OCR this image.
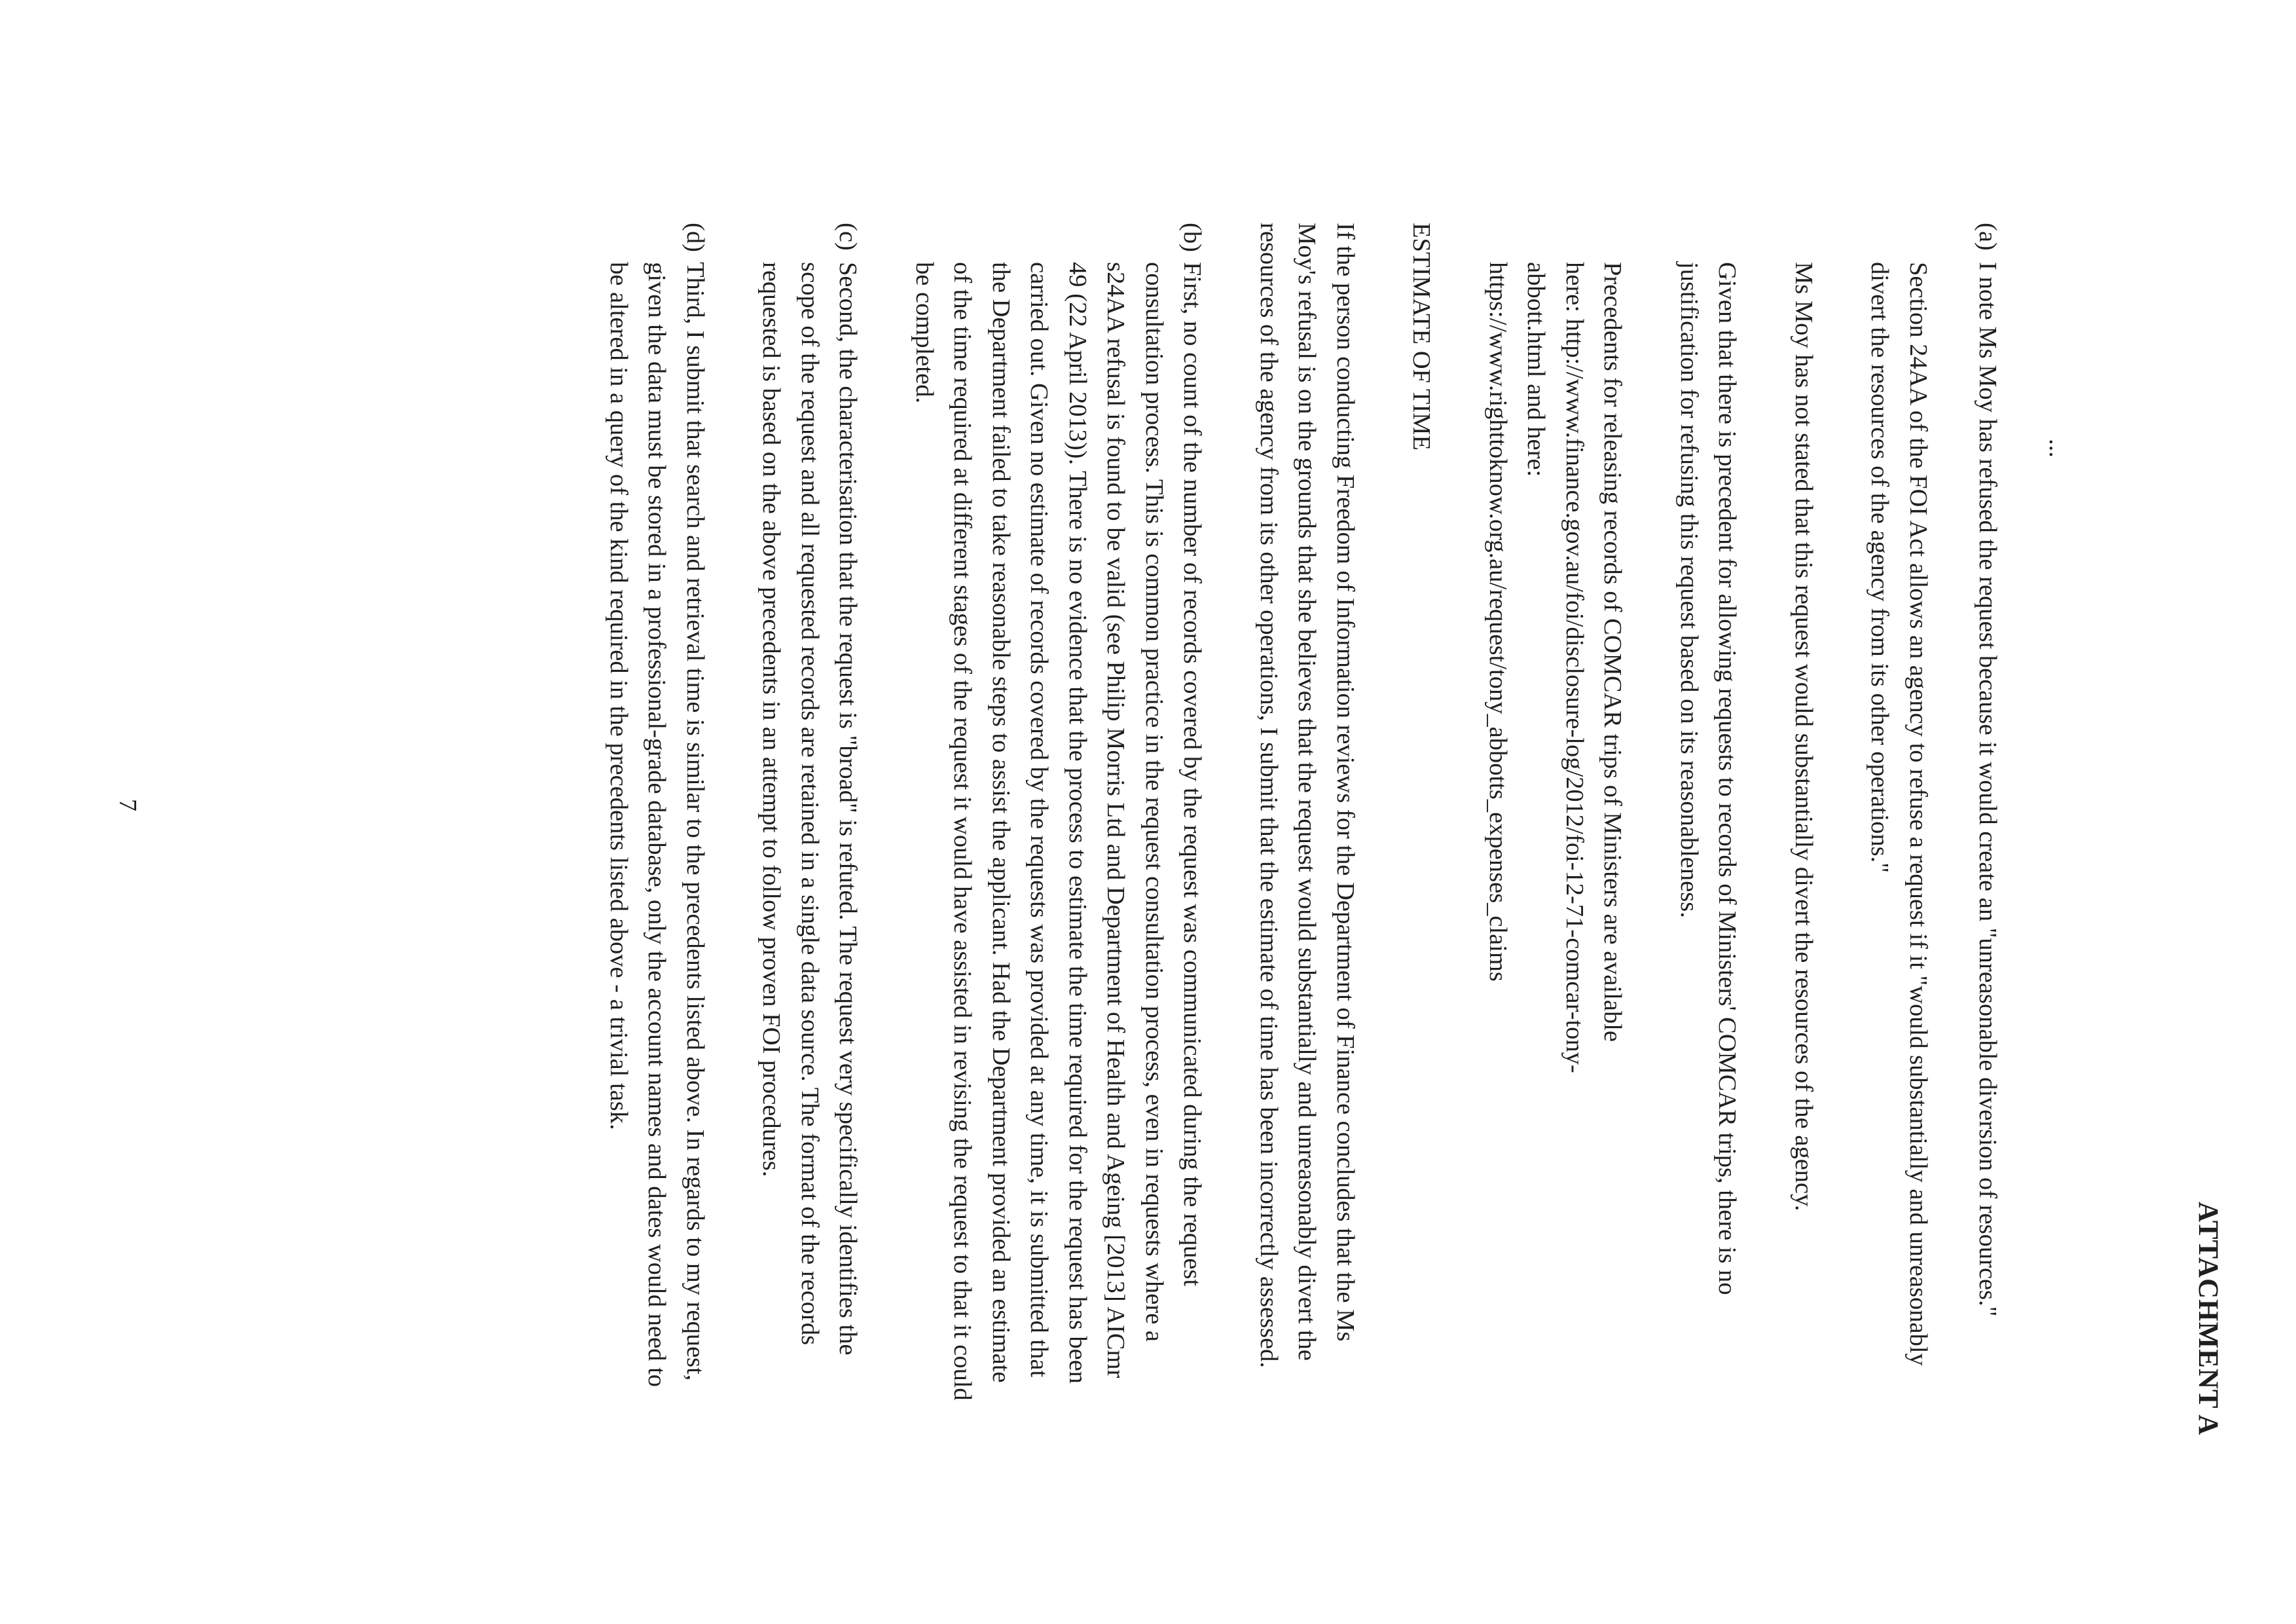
ATTACHMENT A

...

(a)
I note Ms Moy has refused the request because it would create an "unreasonable diversion of resources."

Section 24AA of the FOI Act allows an agency to refuse a request if it "would substantially and unreasonably divert the resources of the agency from its other operations."

Ms Moy has not stated that this request would substantially divert the resources of the agency.

Given that there is precedent for allowing requests to records of Ministers' COMCAR trips, there is no justification for refusing this request based on its reasonableness.

Precedents for releasing records of COMCAR trips of Ministers are available
here: http://www.finance.gov.au/foi/disclosure-log/2012/foi-12-71-comcar-tony-
abbott.html and here:
https://www.righttoknow.org.au/request/tony_abbotts_expenses_claims

ESTIMATE OF TIME

If the person conducting Freedom of Information reviews for the Department of Finance concludes that the Ms Moy's refusal is on the grounds that she believes that the request would substantially and unreasonably divert the resources of the agency from its other operations, I submit that the estimate of time has been incorrectly assessed.

(b)
First, no count of the number of records covered by the request was communicated during the request consultation process. This is common practice in the request consultation process, even in requests where a s24AA refusal is found to be valid (see Philip Morris Ltd and Department of Health and Ageing [2013] AICmr 49 (22 April 2013)). There is no evidence that the process to estimate the time required for the request has been carried out. Given no estimate of records covered by the requests was provided at any time, it is submitted that the Department failed to take reasonable steps to assist the applicant. Had the Department provided an estimate of the time required at different stages of the request it would have assisted in revising the request to that it could be completed.
(c)
Second, the characterisation that the request is "broad" is refuted. The request very specifically identifies the scope of the request and all requested records are retained in a single data source. The format of the records requested is based on the above precedents in an attempt to follow proven FOI procedures.
(d)
Third, I submit that search and retrieval time is similar to the precedents listed above. In regards to my request, given the data must be stored in a professional-grade database, only the account names and dates would need to be altered in a query of the kind required in the precedents listed above - a trivial task.
7
